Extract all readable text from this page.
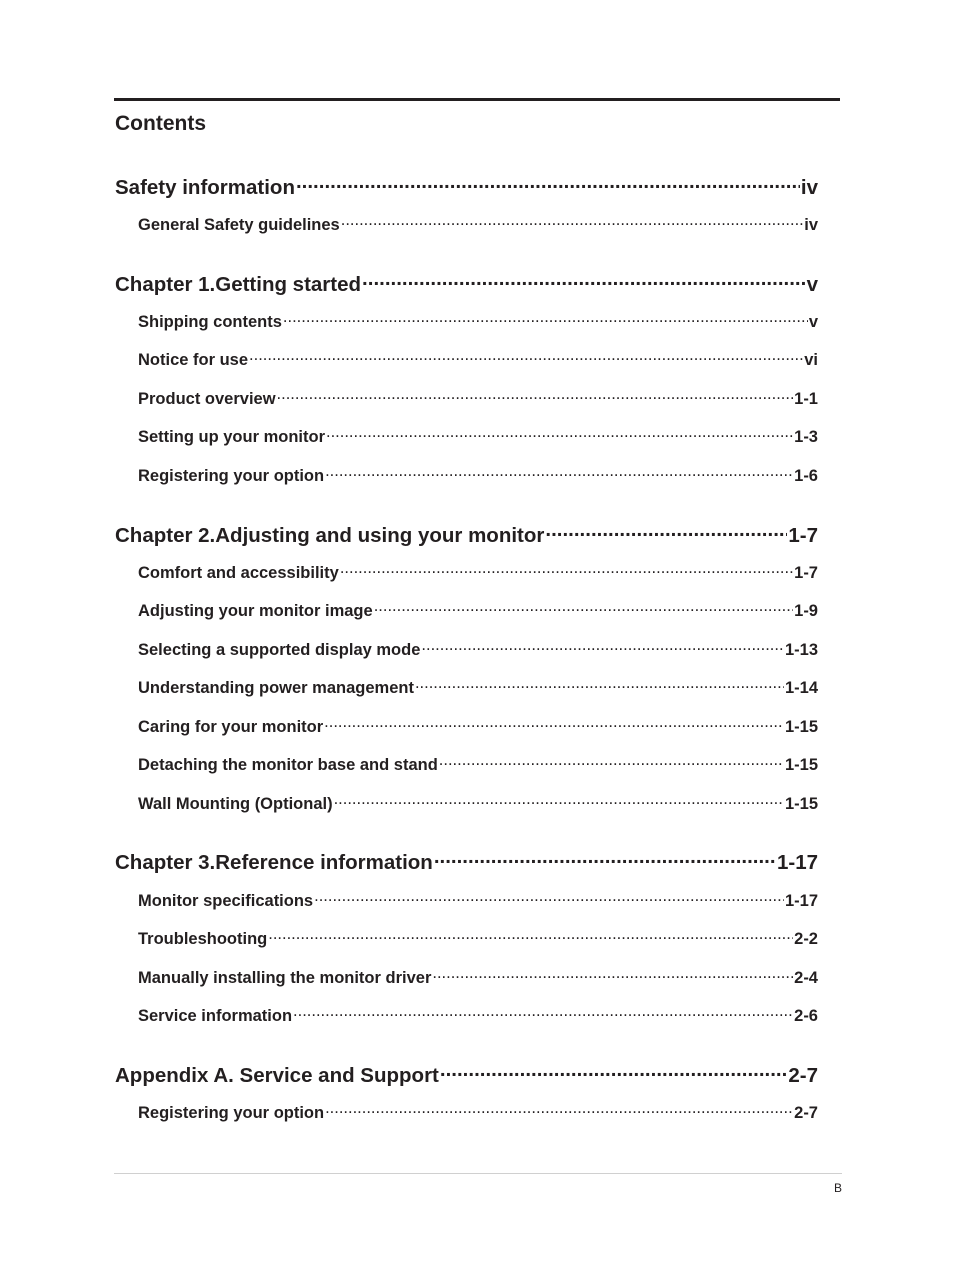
Contents
Safety information .....	iv
General Safety guidelines .....	iv
Chapter 1.Getting started .....	v
Shipping contents .....	v
Notice for use .....	vi
Product overview .....	1-1
Setting up your monitor .....	1-3
Registering your option .....	1-6
Chapter 2.Adjusting and using your monitor .....	1-7
Comfort and accessibility .....	1-7
Adjusting your monitor image .....	1-9
Selecting a supported display mode .....	1-13
Understanding power management .....	1-14
Caring for your monitor .....	1-15
Detaching the monitor base and stand .....	1-15
Wall Mounting (Optional) .....	1-15
Chapter 3.Reference information .....	1-17
Monitor specifications .....	1-17
Troubleshooting .....	2-2
Manually installing the monitor driver .....	2-4
Service information .....	2-6
Appendix A. Service and Support .....	2-7
Registering your option .....	2-7
B
